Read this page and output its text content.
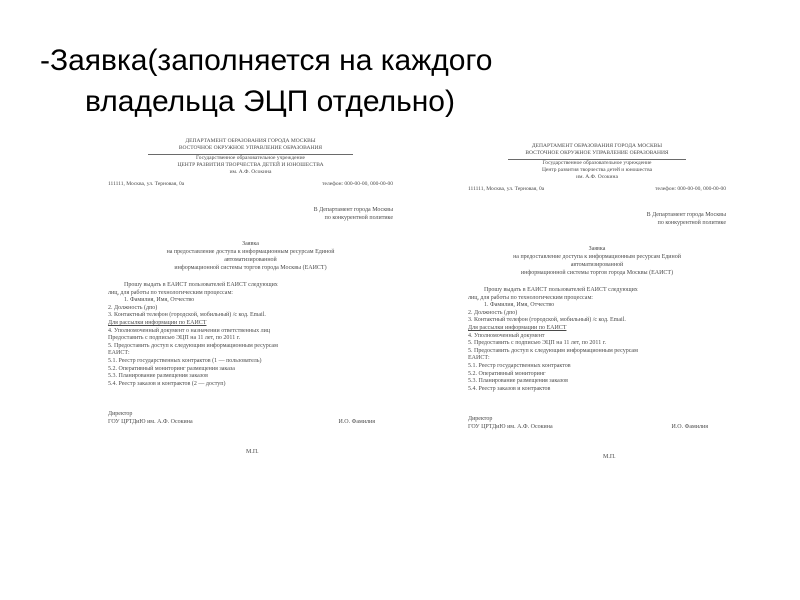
-Заявка(заполняется на каждого
владельца ЭЦП отдельно)
ДЕПАРТАМЕНТ ОБРАЗОВАНИЯ ГОРОДА МОСКВЫ
ВОСТОЧНОЕ ОКРУЖНОЕ УПРАВЛЕНИЕ ОБРАЗОВАНИЯ
Государственное образовательное учреждение
ЦЕНТР РАЗВИТИЯ ТВОРЧЕСТВА ДЕТЕЙ И ЮНОШЕСТВА
им. А.Ф. Осокина
111111, Москва, ул. Терновая, 0а	телефон: 000-00-00, 000-00-00
В Департамент города Москвы
по конкурентной политике
Заявка
на предоставление доступа к информационным ресурсам Единой
автоматизированной
информационной системы торгов города Москвы (ЕАИСТ)
Прошу выдать в ЕАИСТ пользователей ЕАИСТ следующих
лиц, для работы по технологическим процессам:
1. Фамилия, Имя, Отчество
2. Должность (дпо)
3. Контактный телефон (городской, мобильный) /с код. Email.
Для рассылки информации по ЕАИСТ
4. Уполномоченный документ о назначении ответственных лиц
Предоставить с подписью ЭЦП на 11 лет, по 2011 г.
5. Предоставить доступ к следующим информационным ресурсам
ЕАИСТ:
5.1. Реестр государственных контрактов (1 — пользователь)
5.2. Оперативный мониторинг размещения заказа
5.3. Планирование размещения заказов
5.4. Реестр заказов и контрактов (2 — доступ)
Директор
ГОУ ЦРТДиЮ им. А.Ф. Осокина	И.О. Фамилия
М.П.
ДЕПАРТАМЕНТ ОБРАЗОВАНИЯ ГОРОДА МОСКВЫ
ВОСТОЧНОЕ ОКРУЖНОЕ УПРАВЛЕНИЕ ОБРАЗОВАНИЯ
Государственное образовательное учреждение
Центр развития творчества детей и юношества
им. А.Ф. Осокина
111111, Москва, ул. Терновая, 0а	телефон: 000-00-00, 000-00-00
В Департамент города Москвы
по конкурентной политике
Заявка
на предоставление доступа к информационным ресурсам Единой
автоматизированной
информационной системы торгов города Москвы (ЕАИСТ)
Прошу выдать в ЕАИСТ пользователей ЕАИСТ следующих
лиц, для работы по технологическим процессам:
1. Фамилия, Имя, Отчество
2. Должность (дпо)
3. Контактный телефон (городской, мобильный) /с код. Email.
Для рассылки информации по ЕАИСТ
4. Уполномоченный документ
5. Предоставить с подписью ЭЦП на 11 лет, по 2011 г.
5. Предоставить доступ к следующим информационным ресурсам
ЕАИСТ:
5.1. Реестр государственных контрактов
5.2. Оперативный мониторинг
5.3. Планирование размещения заказов
5.4. Реестр заказов и контрактов
Директор
ГОУ ЦРТДиЮ им. А.Ф. Осокина	И.О. Фамилия
М.П.
